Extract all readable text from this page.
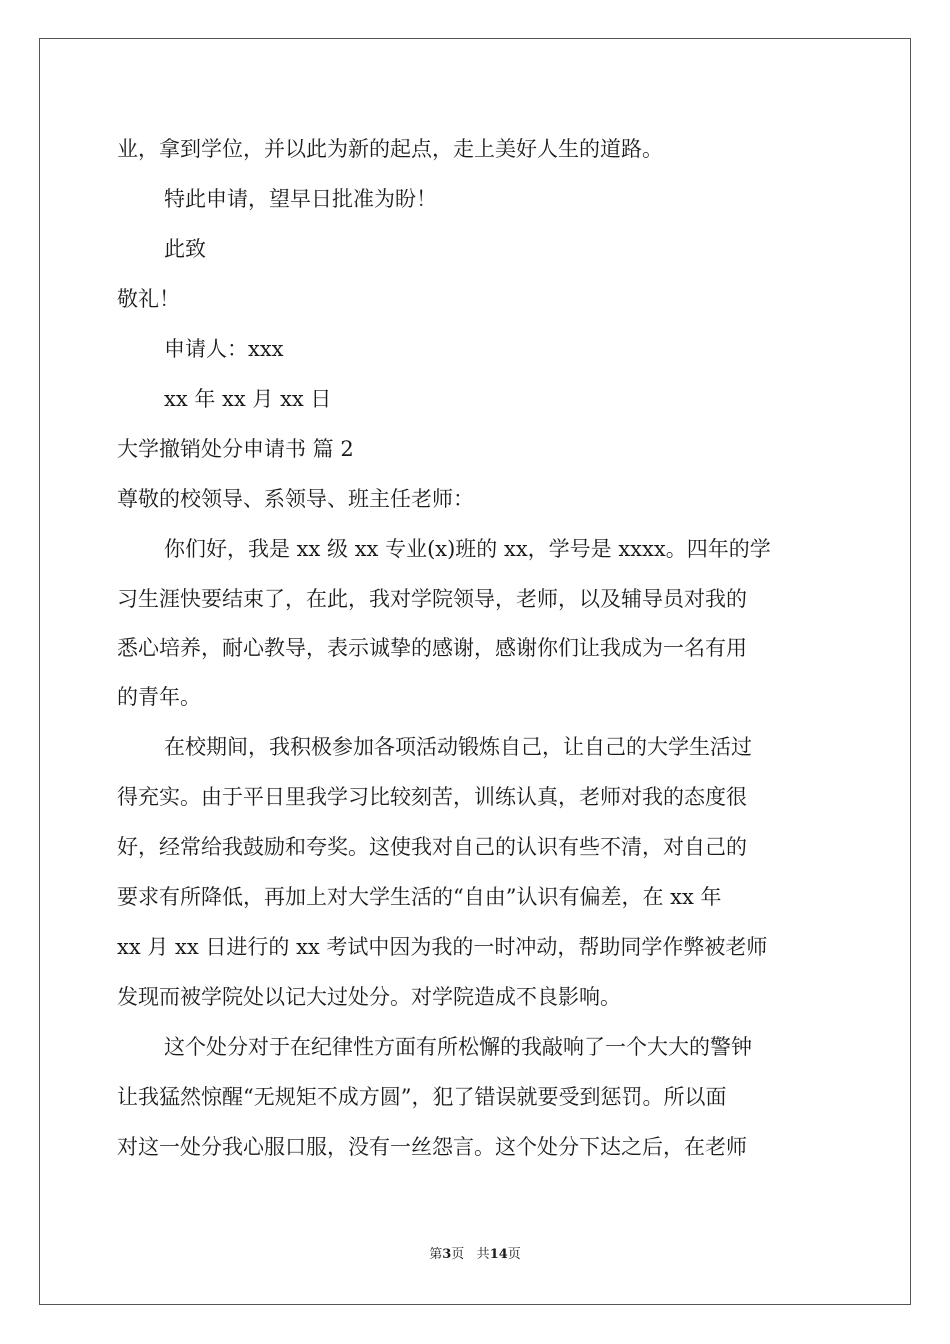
业，拿到学位，并以此为新的起点，走上美好人生的道路。

特此申请，望早日批准为盼！

此致

敬礼！

申请人：xxx

xx 年 xx 月 xx 日

大学撤销处分申请书 篇 2

尊敬的校领导、系领导、班主任老师：

你们好，我是 xx 级 xx 专业(x)班的 xx，学号是 xxxx。四年的学

习生涯快要结束了，在此，我对学院领导，老师，以及辅导员对我的

悉心培养，耐心教导，表示诚挚的感谢，感谢你们让我成为一名有用

的青年。

在校期间，我积极参加各项活动锻炼自己，让自己的大学生活过

得充实。由于平日里我学习比较刻苦，训练认真，老师对我的态度很

好，经常给我鼓励和夸奖。这使我对自己的认识有些不清，对自己的

要求有所降低，再加上对大学生活的“自由”认识有偏差，在 xx 年

xx 月 xx 日进行的 xx 考试中因为我的一时冲动，帮助同学作弊被老师

发现而被学院处以记大过处分。对学院造成不良影响。

这个处分对于在纪律性方面有所松懈的我敲响了一个大大的警钟

让我猛然惊醒“无规矩不成方圆”，犯了错误就要受到惩罚。所以面

对这一处分我心服口服，没有一丝怨言。这个处分下达之后，在老师

第3页 共14页
